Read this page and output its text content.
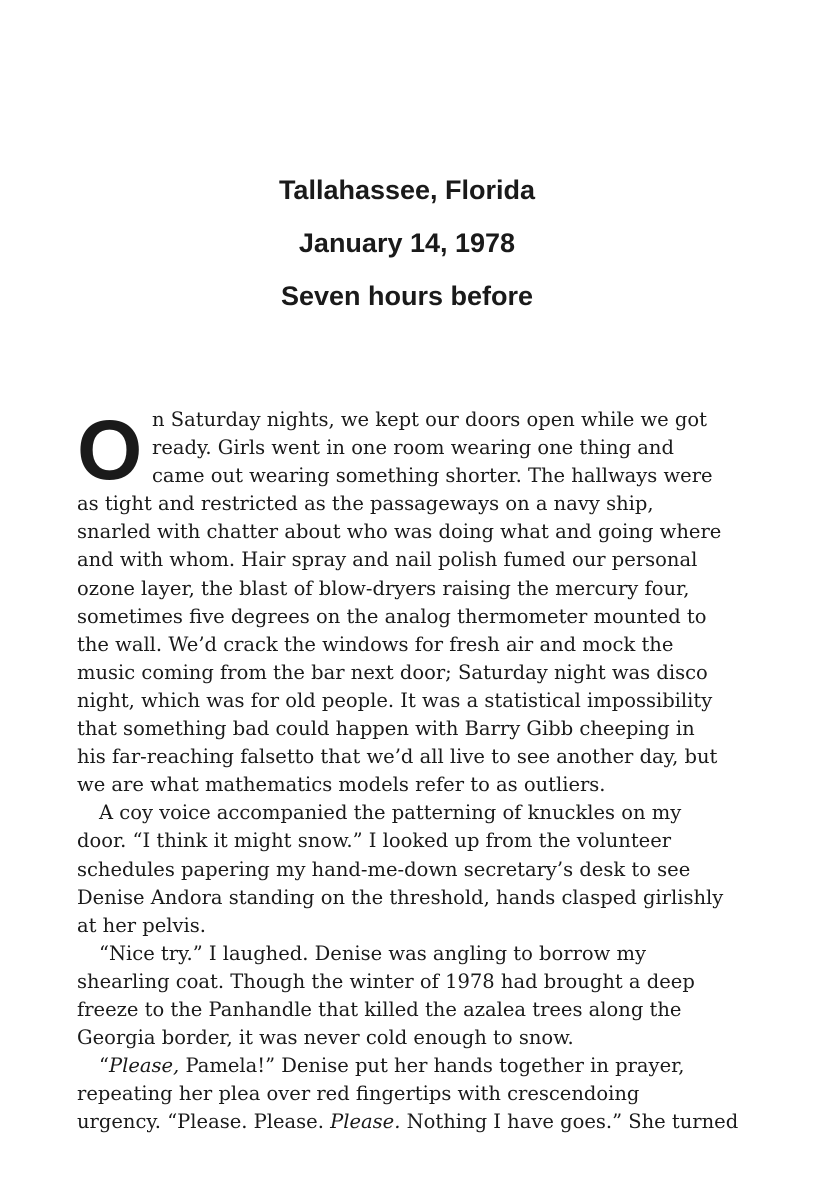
Tallahassee, Florida
January 14, 1978
Seven hours before
O n Saturday nights, we kept our doors open while we got
ready. Girls went in one room wearing one thing and
came out wearing something shorter. The hallways were
as tight and restricted as the passageways on a navy ship,
snarled with chatter about who was doing what and going where
and with whom. Hair spray and nail polish fumed our personal
ozone layer, the blast of blow-dryers raising the mercury four,
sometimes five degrees on the analog thermometer mounted to
the wall. We’d crack the windows for fresh air and mock the
music coming from the bar next door; Saturday night was disco
night, which was for old people. It was a statistical impossibility
that something bad could happen with Barry Gibb cheeping in
his far-reaching falsetto that we’d all live to see another day, but
we are what mathematics models refer to as outliers.
A coy voice accompanied the patterning of knuckles on my
door. “I think it might snow.” I looked up from the volunteer
schedules papering my hand-me-down secretary’s desk to see
Denise Andora standing on the threshold, hands clasped girlishly
at her pelvis.
“Nice try.” I laughed. Denise was angling to borrow my
shearling coat. Though the winter of 1978 had brought a deep
freeze to the Panhandle that killed the azalea trees along the
Georgia border, it was never cold enough to snow.
“Please, Pamela!” Denise put her hands together in prayer,
repeating her plea over red fingertips with crescendoing
urgency. “Please. Please. Please. Nothing I have goes.” She turned
